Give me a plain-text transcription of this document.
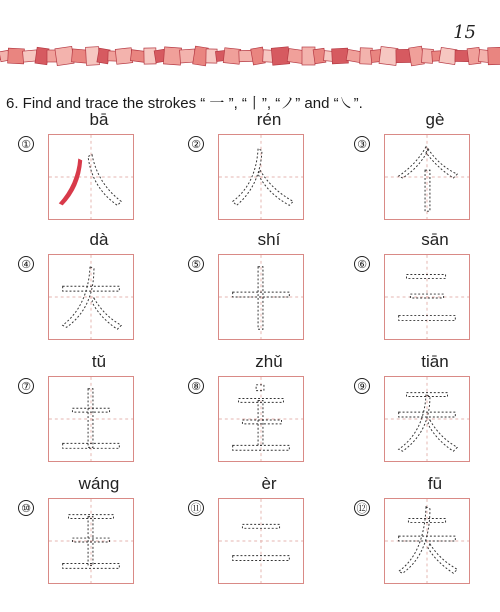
15
6. Find and trace the strokes “ 一 ”, “丨”, “ノ” and “㇏”.
①
bā
②
rén
③
gè
④
dà
⑤
shí
⑥
sān
⑦
tǔ
⑧
zhǔ
⑨
tiān
⑩
wáng
⑪
èr
⑫
fū
